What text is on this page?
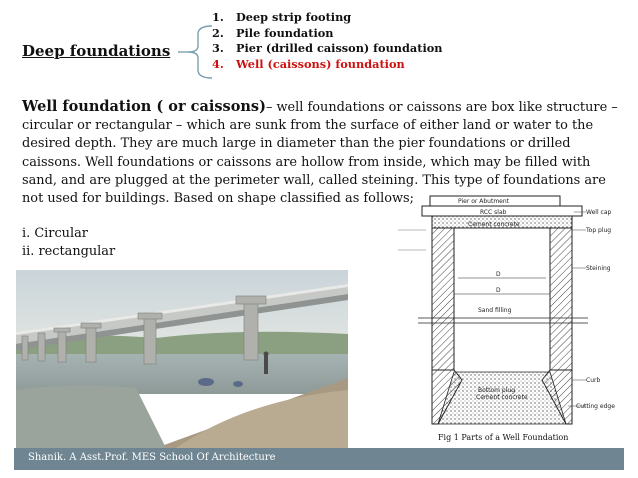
Deep foundations
1. Deep strip footing
2. Pile foundation
3. Pier (drilled caisson) foundation
4. Well (caissons) foundation
Well foundation ( or caissons)– well foundations or caissons are box like structure – circular or rectangular – which are sunk from the surface of either land or water to the desired depth. They are much large in diameter than the pier foundations or drilled caissons. Well foundations or caissons are hollow from inside, which may be filled with sand, and are plugged at the perimeter wall, called steining. This type of foundations are not used for buildings. Based on shape classified as follows;
i. Circular
ii. rectangular
Pier or Abutment
RCC slab
Cement concrete
Well cap
Top plug
Steining
D
D
Sand filling
Curb
Bottom plug
Cement concrete
Cutting edge
Fig 1 Parts of a Well Foundation
Shanik. A Asst.Prof. MES School Of Architecture
